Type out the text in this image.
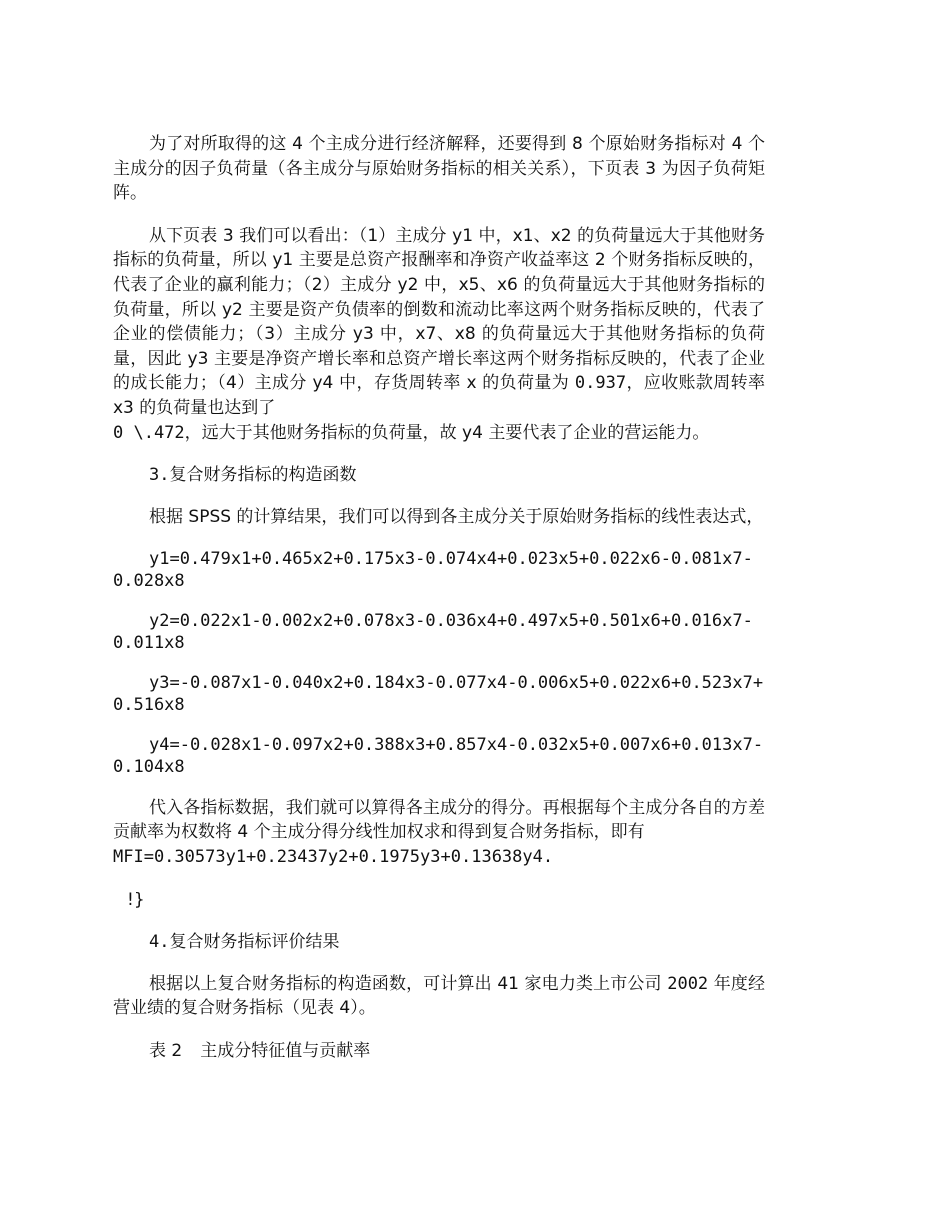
为了对所取得的这 4 个主成分进行经济解释，还要得到 8 个原始财务指标对 4 个主成分的因子负荷量（各主成分与原始财务指标的相关关系），下页表 3 为因子负荷矩阵。

从下页表 3 我们可以看出：（1）主成分 y1 中，x1、x2 的负荷量远大于其他财务指标的负荷量，所以 y1 主要是总资产报酬率和净资产收益率这 2 个财务指标反映的，代表了企业的赢利能力；（2）主成分 y2 中，x5、x6 的负荷量远大于其他财务指标的负荷量，所以 y2 主要是资产负债率的倒数和流动比率这两个财务指标反映的，代表了企业的偿债能力；（3）主成分 y3 中，x7、x8 的负荷量远大于其他财务指标的负荷量，因此 y3 主要是净资产增长率和总资产增长率这两个财务指标反映的，代表了企业的成长能力；（4）主成分 y4 中，存货周转率 x 的负荷量为 0.937，应收账款周转率 x3 的负荷量也达到了
0 \.472，远大于其他财务指标的负荷量，故 y4 主要代表了企业的营运能力。

3.复合财务指标的构造函数

根据 SPSS 的计算结果，我们可以得到各主成分关于原始财务指标的线性表达式，

y1=0.479x1+0.465x2+0.175x3-0.074x4+0.023x5+0.022x6-0.081x7-0.028x8

y2=0.022x1-0.002x2+0.078x3-0.036x4+0.497x5+0.501x6+0.016x7-0.011x8

y3=-0.087x1-0.040x2+0.184x3-0.077x4-0.006x5+0.022x6+0.523x7+0.516x8

y4=-0.028x1-0.097x2+0.388x3+0.857x4-0.032x5+0.007x6+0.013x7-0.104x8

代入各指标数据，我们就可以算得各主成分的得分。再根据每个主成分各自的方差贡献率为权数将 4 个主成分得分线性加权求和得到复合财务指标，即有
MFI=0.30573y1+0.23437y2+0.1975y3+0.13638y4.

!}

4.复合财务指标评价结果

根据以上复合财务指标的构造函数，可计算出 41 家电力类上市公司 2002 年度经营业绩的复合财务指标（见表 4）。

表 2 主成分特征值与贡献率
